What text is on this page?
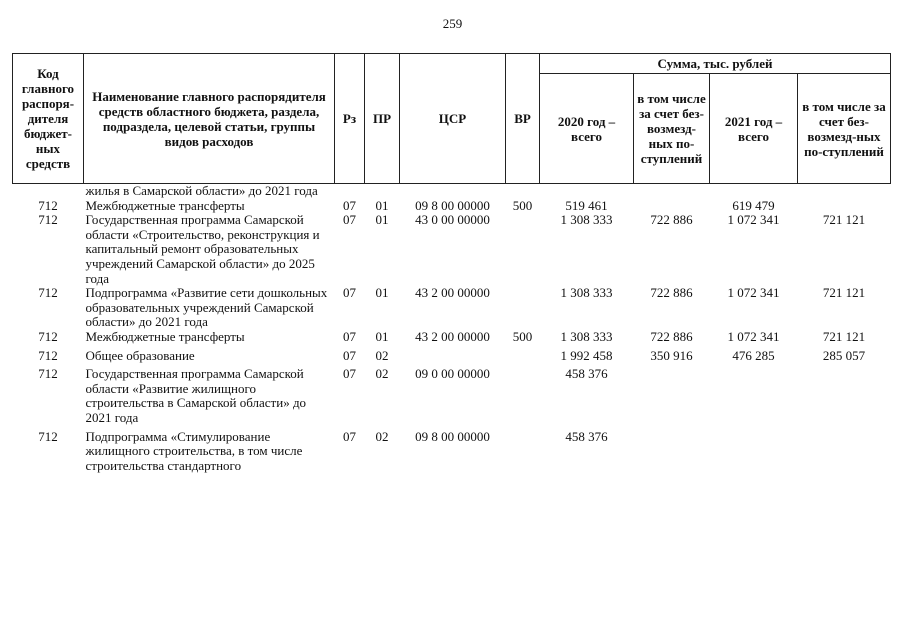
259
Код главного распоря-дителя бюджет-ных средств	Наименование главного распорядителя средств областного бюджета, раздела, подраздела, целевой статьи, группы видов расходов	Рз	ПР	ЦСР	ВР	Сумма, тыс. рублей			
						2020 год – всего	в том числе за счет без-возмезд-ных по-ступлений	2021 год – всего	в том числе за счет без-возмезд-ных по-ступлений
	жилья в Самарской области» до 2021 года								
712	Межбюджетные трансферты	07	01	09 8 00 00000	500	519 461		619 479	
712	Государственная программа Самарской области «Строительство, реконструкция и капитальный ремонт образовательных учреждений Самарской области» до 2025 года	07	01	43 0 00 00000		1 308 333	722 886	1 072 341	721 121
712	Подпрограмма «Развитие сети дошкольных образовательных учреждений Самарской области» до 2021 года	07	01	43 2 00 00000		1 308 333	722 886	1 072 341	721 121
712	Межбюджетные трансферты	07	01	43 2 00 00000	500	1 308 333	722 886	1 072 341	721 121
712	Общее образование	07	02			1 992 458	350 916	476 285	285 057
712	Государственная программа Самарской области «Развитие жилищного строительства в Самарской области» до 2021 года	07	02	09 0 00 00000		458 376			
712	Подпрограмма «Стимулирование жилищного строительства, в том числе строительства стандартного	07	02	09 8 00 00000		458 376			
